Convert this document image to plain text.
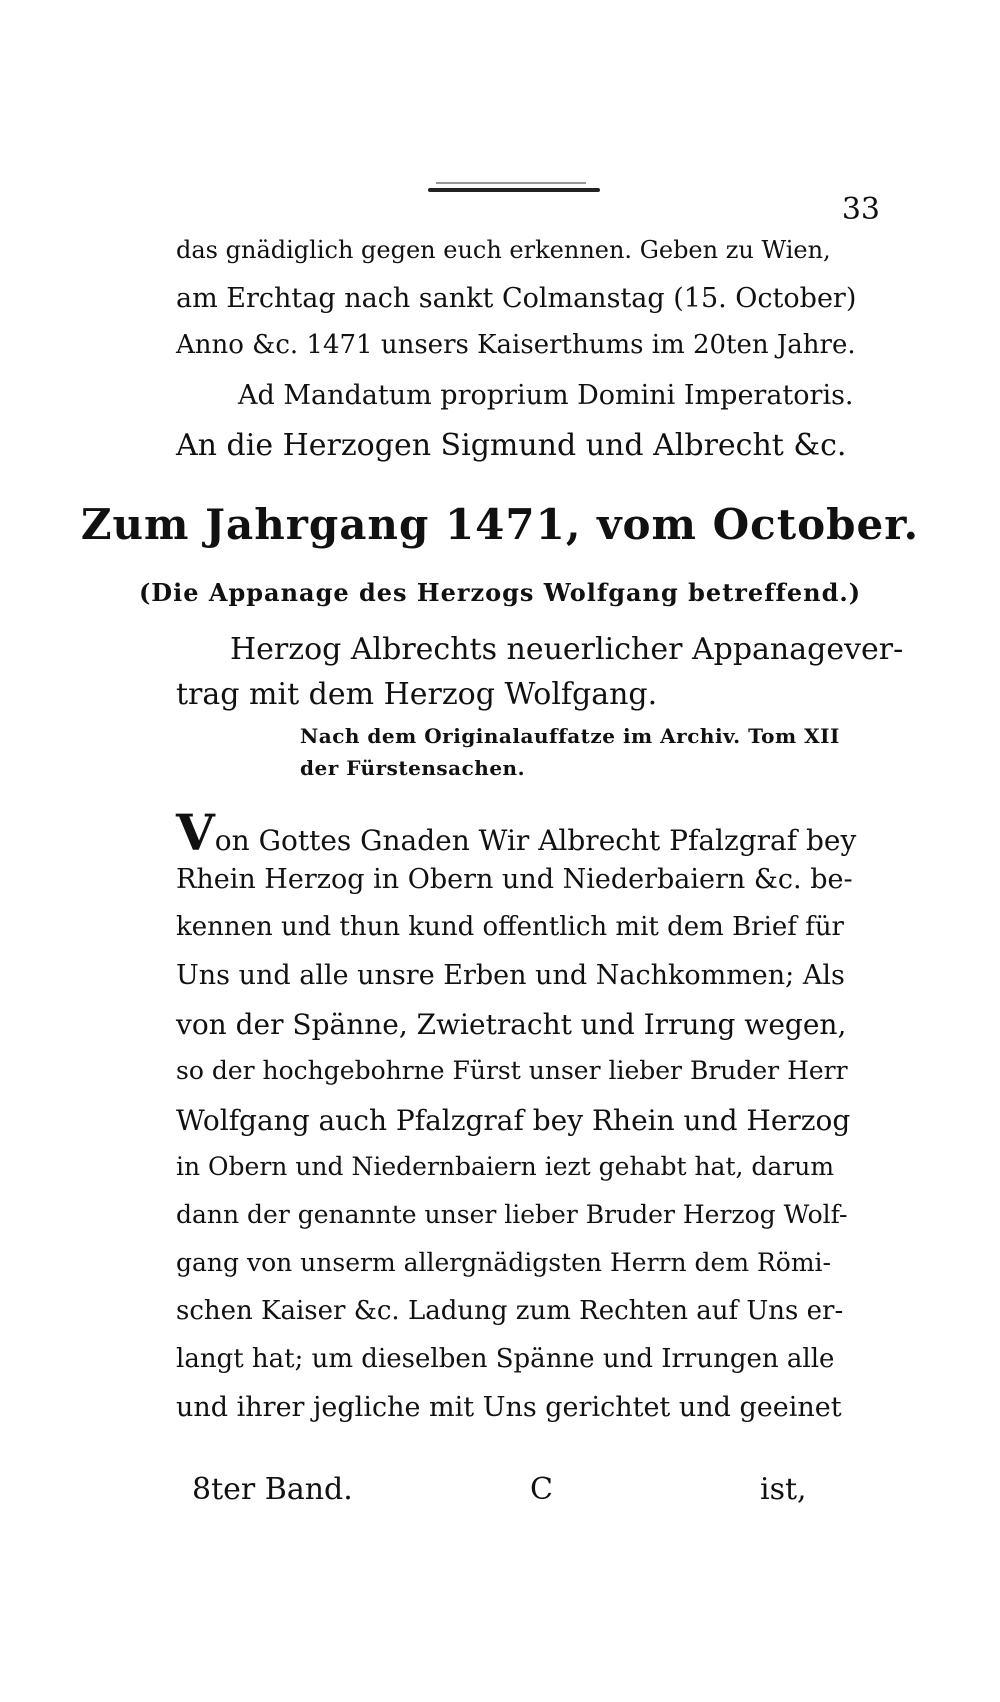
33
das gnädiglich gegen euch erkennen. Geben zu Wien,
am Erchtag nach sankt Colmanstag (15. October)
Anno &c. 1471 unsers Kaiserthums im 20ten Jahre.
Ad Mandatum proprium Domini Imperatoris.
An die Herzogen Sigmund und Albrecht &c.
Zum Jahrgang 1471, vom October.
(Die Appanage des Herzogs Wolfgang betreffend.)
Herzog Albrechts neuerlicher Appanagever-
trag mit dem Herzog Wolfgang.
Nach dem Originalauffatze im Archiv. Tom XII
der Fürstensachen.
Von Gottes Gnaden Wir Albrecht Pfalzgraf bey
Rhein Herzog in Obern und Niederbaiern &c. be-
kennen und thun kund offentlich mit dem Brief für
Uns und alle unsre Erben und Nachkommen; Als
von der Spänne, Zwietracht und Irrung wegen,
so der hochgebohrne Fürst unser lieber Bruder Herr
Wolfgang auch Pfalzgraf bey Rhein und Herzog
in Obern und Niedernbaiern iezt gehabt hat, darum
dann der genannte unser lieber Bruder Herzog Wolf-
gang von unserm allergnädigsten Herrn dem Römi-
schen Kaiser &c. Ladung zum Rechten auf Uns er-
langt hat; um dieselben Spänne und Irrungen alle
und ihrer jegliche mit Uns gerichtet und geeinet
8ter Band.	C	ist,
